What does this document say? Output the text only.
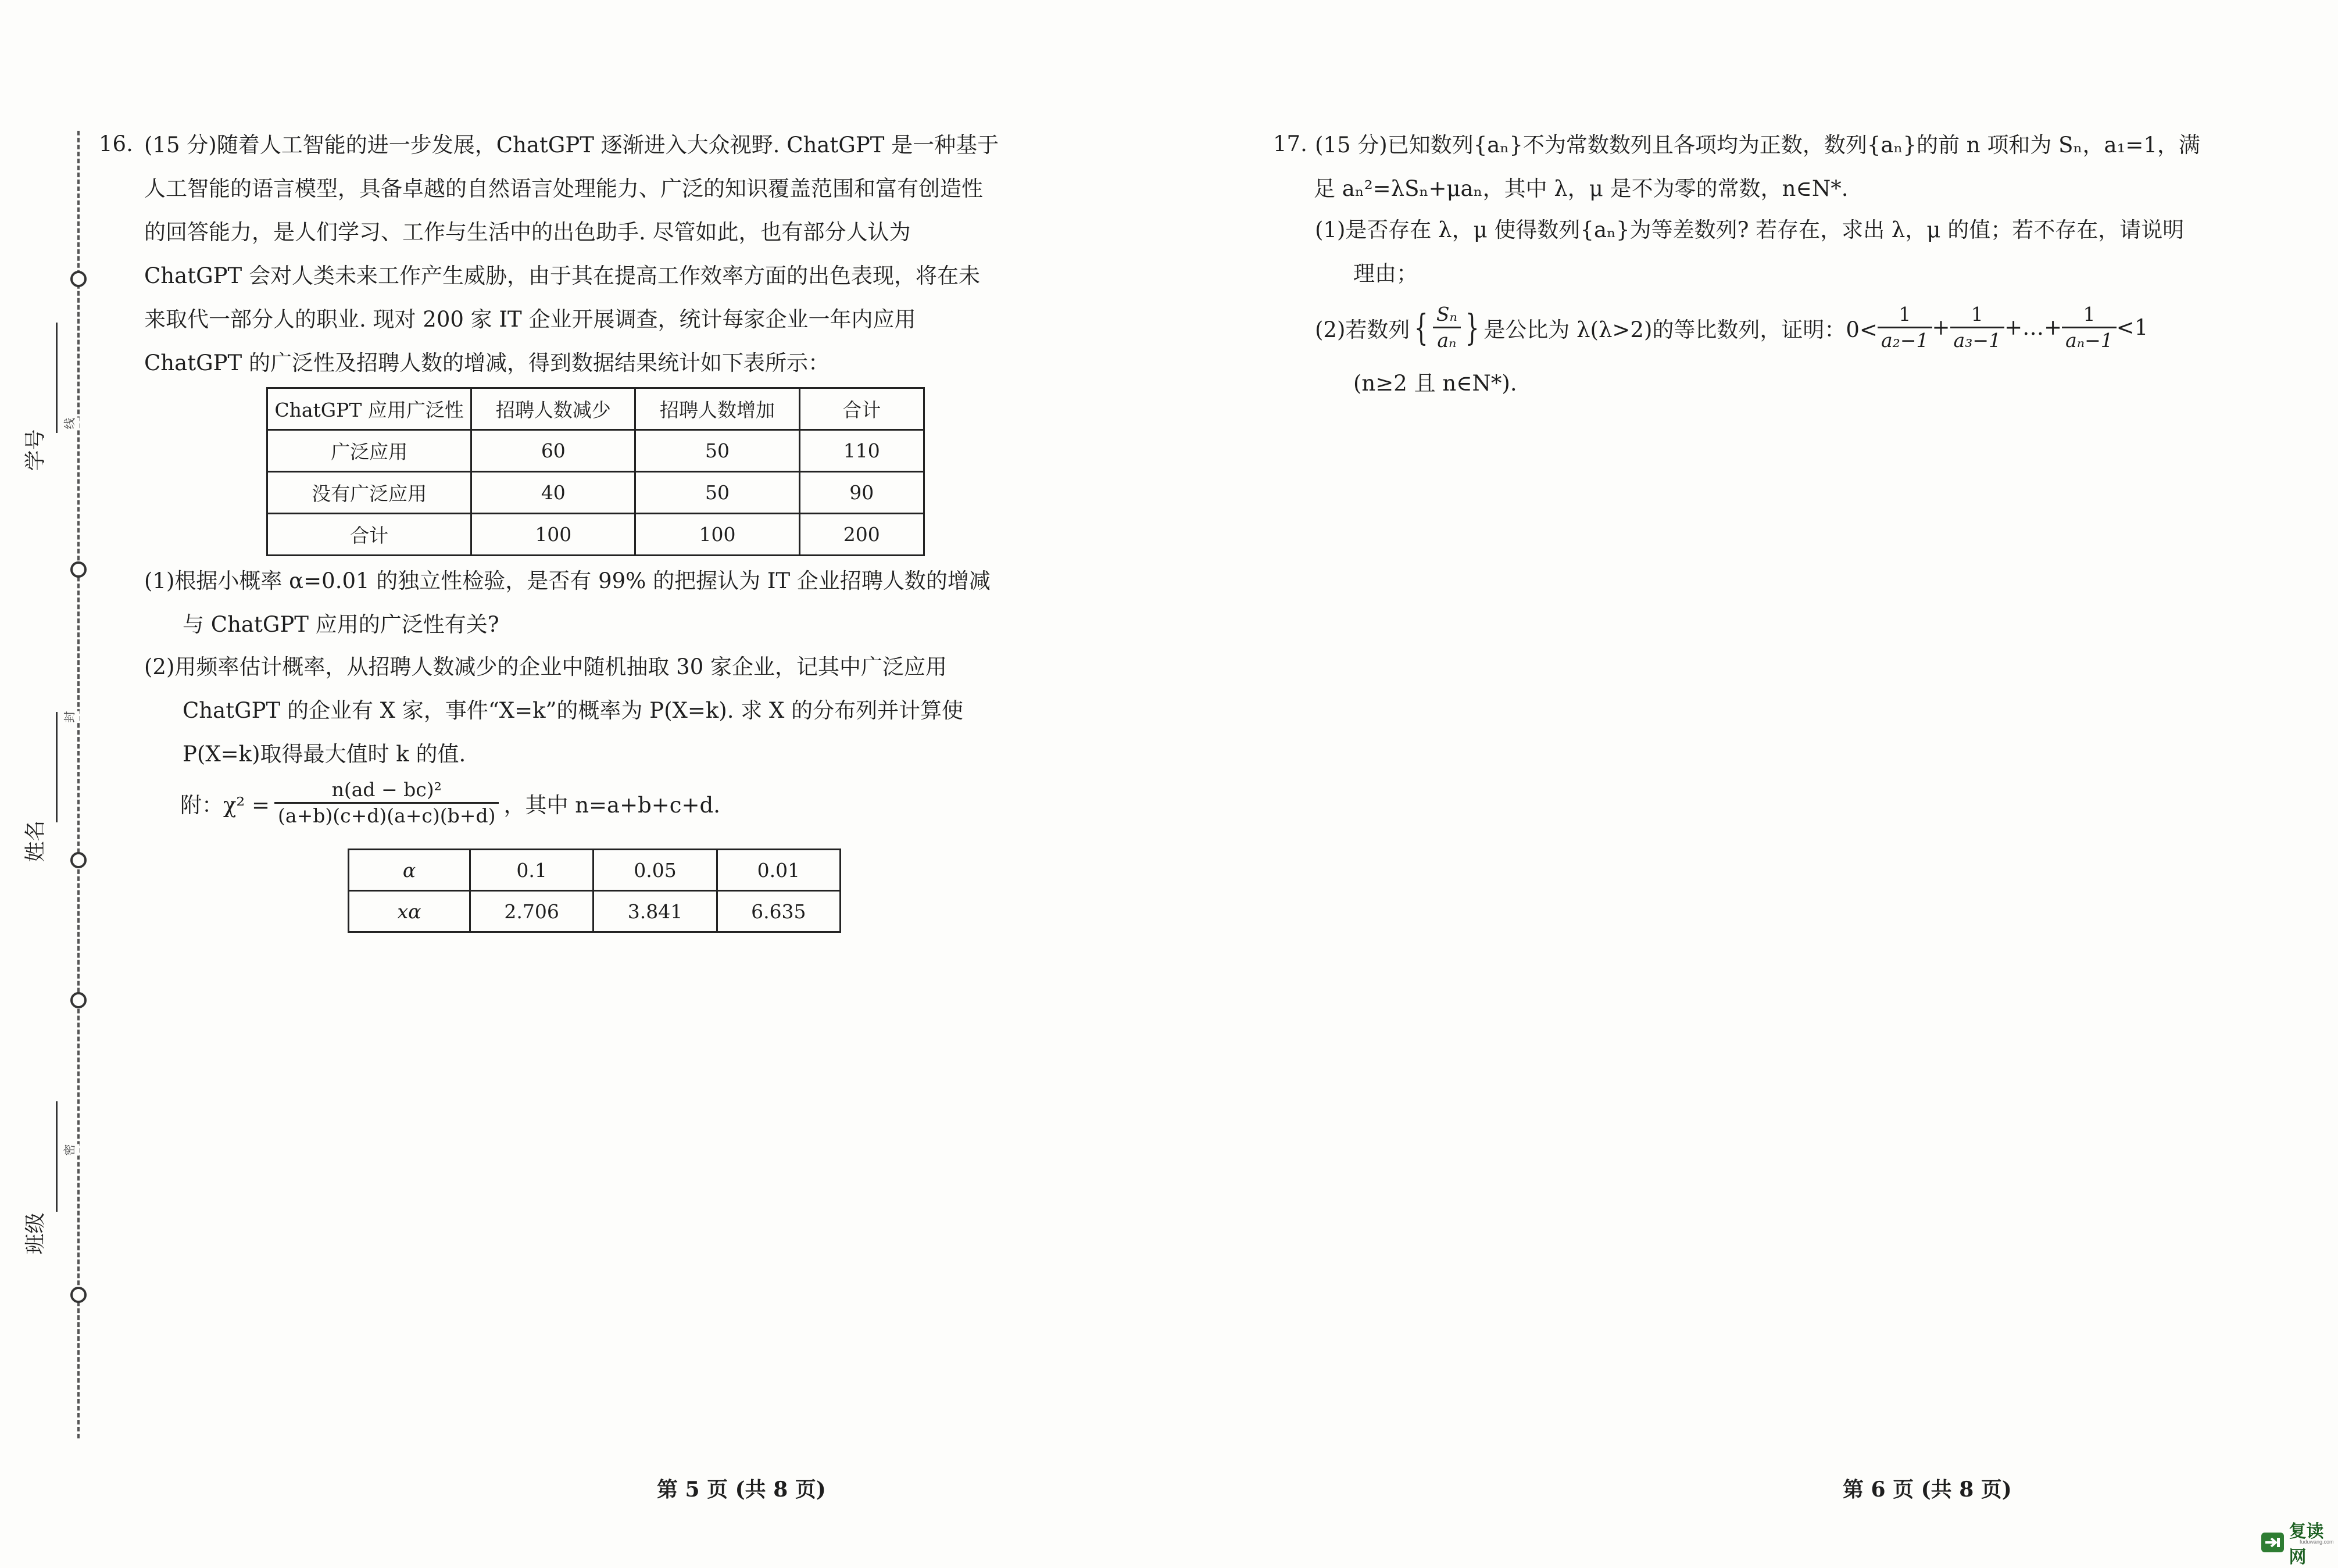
线
封
密
学号
姓名
班级
16. (15 分)随着人工智能的进一步发展，ChatGPT 逐渐进入大众视野. ChatGPT 是一种基于
人工智能的语言模型，具备卓越的自然语言处理能力、广泛的知识覆盖范围和富有创造性
的回答能力，是人们学习、工作与生活中的出色助手. 尽管如此，也有部分人认为
ChatGPT 会对人类未来工作产生威胁，由于其在提高工作效率方面的出色表现，将在未
来取代一部分人的职业. 现对 200 家 IT 企业开展调查，统计每家企业一年内应用
ChatGPT 的广泛性及招聘人数的增减，得到数据结果统计如下表所示：
ChatGPT 应用广泛性	招聘人数减少	招聘人数增加	合计
广泛应用	60	50	110
没有广泛应用	40	50	90
合计	100	100	200
(1)根据小概率 α=0.01 的独立性检验，是否有 99% 的把握认为 IT 企业招聘人数的增减
与 ChatGPT 应用的广泛性有关?
(2)用频率估计概率，从招聘人数减少的企业中随机抽取 30 家企业，记其中广泛应用
ChatGPT 的企业有 X 家，事件“X=k”的概率为 P(X=k). 求 X 的分布列并计算使
P(X=k)取得最大值时 k 的值.
附：$\chi^2 = \frac{\text{n(ad − bc)²}}{(a+b)(c+d)(a+c)(b+d)}$ ，其中 n=a+b+c+d.
α	0.1	0.05	0.01
xα	2.706	3.841	6.635
第 5 页 (共 8 页)
17. (15 分)已知数列{aₙ}不为常数数列且各项均为正数，数列{aₙ}的前 n 项和为 Sₙ，a₁=1，满
足 aₙ²=λSₙ+μaₙ，其中 λ，μ 是不为零的常数，n∈N*.
(1)是否存在 λ，μ 使得数列{aₙ}为等差数列? 若存在，求出 λ，μ 的值；若不存在，请说明
理由；
(2)若数列 { $\frac{\text{Sₙ}}{\text{aₙ}}$ } 是公比为 λ(λ>2)的等比数列，证明：$0< \frac{1}{\text{a₂−1}} + \frac{1}{\text{a₃−1}}$ +…+ $\frac{1}{\text{aₙ−1}} <1$
(n≥2 且 n∈N*).
第 6 页 (共 8 页)
复读网
fuduwang.com
